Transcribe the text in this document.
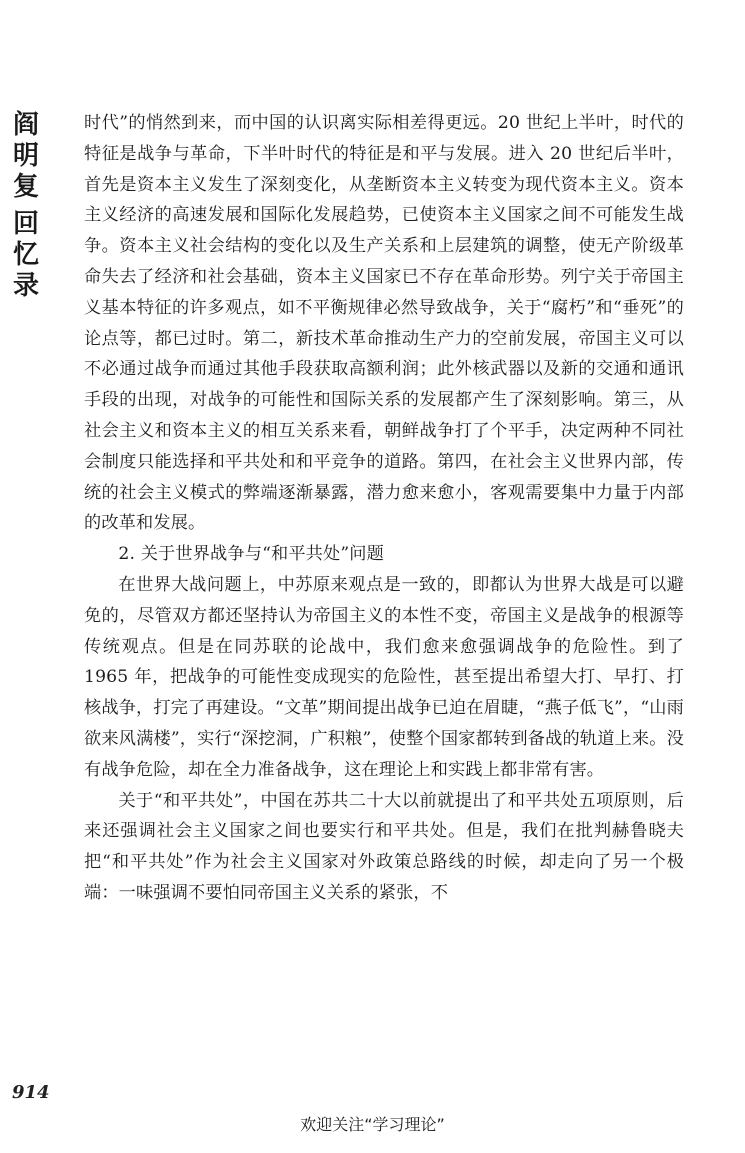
阎
明
复
回
忆
录

时代”的悄然到来，而中国的认识离实际相差得更远。20 世纪上半叶，时代的特征是战争与革命，下半叶时代的特征是和平与发展。进入 20 世纪后半叶，首先是资本主义发生了深刻变化，从垄断资本主义转变为现代资本主义。资本主义经济的高速发展和国际化发展趋势，已使资本主义国家之间不可能发生战争。资本主义社会结构的变化以及生产关系和上层建筑的调整，使无产阶级革命失去了经济和社会基础，资本主义国家已不存在革命形势。列宁关于帝国主义基本特征的许多观点，如不平衡规律必然导致战争，关于“腐朽”和“垂死”的论点等，都已过时。第二，新技术革命推动生产力的空前发展，帝国主义可以不必通过战争而通过其他手段获取高额利润；此外核武器以及新的交通和通讯手段的出现，对战争的可能性和国际关系的发展都产生了深刻影响。第三，从社会主义和资本主义的相互关系来看，朝鲜战争打了个平手，决定两种不同社会制度只能选择和平共处和和平竞争的道路。第四，在社会主义世界内部，传统的社会主义模式的弊端逐渐暴露，潜力愈来愈小，客观需要集中力量于内部的改革和发展。

2. 关于世界战争与“和平共处”问题

在世界大战问题上，中苏原来观点是一致的，即都认为世界大战是可以避免的，尽管双方都还坚持认为帝国主义的本性不变，帝国主义是战争的根源等传统观点。但是在同苏联的论战中，我们愈来愈强调战争的危险性。到了 1965 年，把战争的可能性变成现实的危险性，甚至提出希望大打、早打、打核战争，打完了再建设。“文革”期间提出战争已迫在眉睫，“燕子低飞”，“山雨欲来风满楼”，实行“深挖洞，广积粮”，使整个国家都转到备战的轨道上来。没有战争危险，却在全力准备战争，这在理论上和实践上都非常有害。

关于“和平共处”，中国在苏共二十大以前就提出了和平共处五项原则，后来还强调社会主义国家之间也要实行和平共处。但是，我们在批判赫鲁晓夫把“和平共处”作为社会主义国家对外政策总路线的时候，却走向了另一个极端：一味强调不要怕同帝国主义关系的紧张，不

914
欢迎关注“学习理论”
